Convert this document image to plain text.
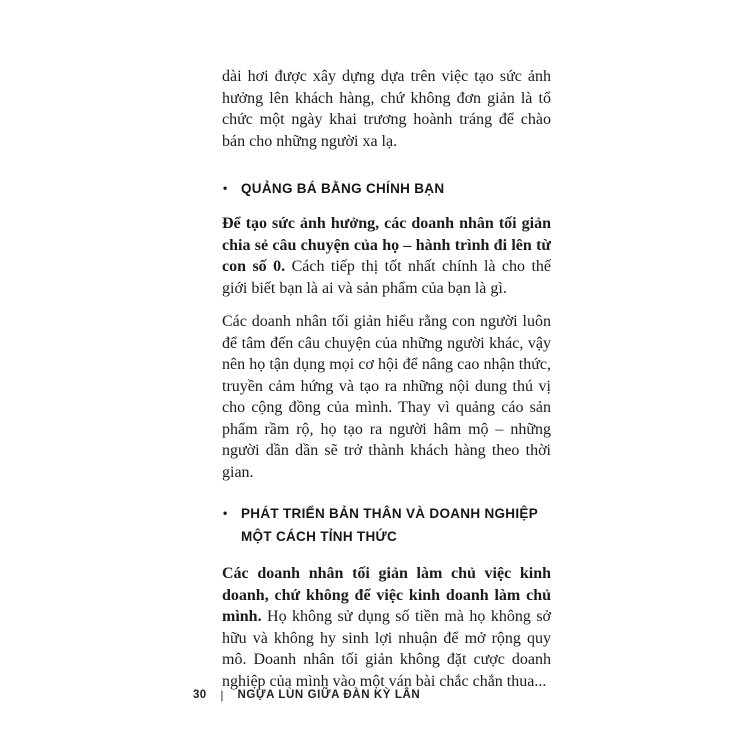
dài hơi được xây dựng dựa trên việc tạo sức ảnh hưởng lên khách hàng, chứ không đơn giản là tổ chức một ngày khai trương hoành tráng để chào bán cho những người xa lạ.

• QUẢNG BÁ BẰNG CHÍNH BẠN

Để tạo sức ảnh hưởng, các doanh nhân tối giản chia sẻ câu chuyện của họ – hành trình đi lên từ con số 0. Cách tiếp thị tốt nhất chính là cho thế giới biết bạn là ai và sản phẩm của bạn là gì.

Các doanh nhân tối giản hiểu rằng con người luôn để tâm đến câu chuyện của những người khác, vậy nên họ tận dụng mọi cơ hội để nâng cao nhận thức, truyền cảm hứng và tạo ra những nội dung thú vị cho cộng đồng của mình. Thay vì quảng cáo sản phẩm rầm rộ, họ tạo ra người hâm mộ – những người dần dần sẽ trở thành khách hàng theo thời gian.

• PHÁT TRIỂN BẢN THÂN VÀ DOANH NGHIỆP
MỘT CÁCH TỈNH THỨC

Các doanh nhân tối giản làm chủ việc kinh doanh, chứ không để việc kinh doanh làm chủ mình. Họ không sử dụng số tiền mà họ không sở hữu và không hy sinh lợi nhuận để mở rộng quy mô. Doanh nhân tối giản không đặt cược doanh nghiệp của mình vào một ván bài chắc chắn thua...

30 | NGỰA LÙN GIỮA ĐÀN KỲ LÂN
